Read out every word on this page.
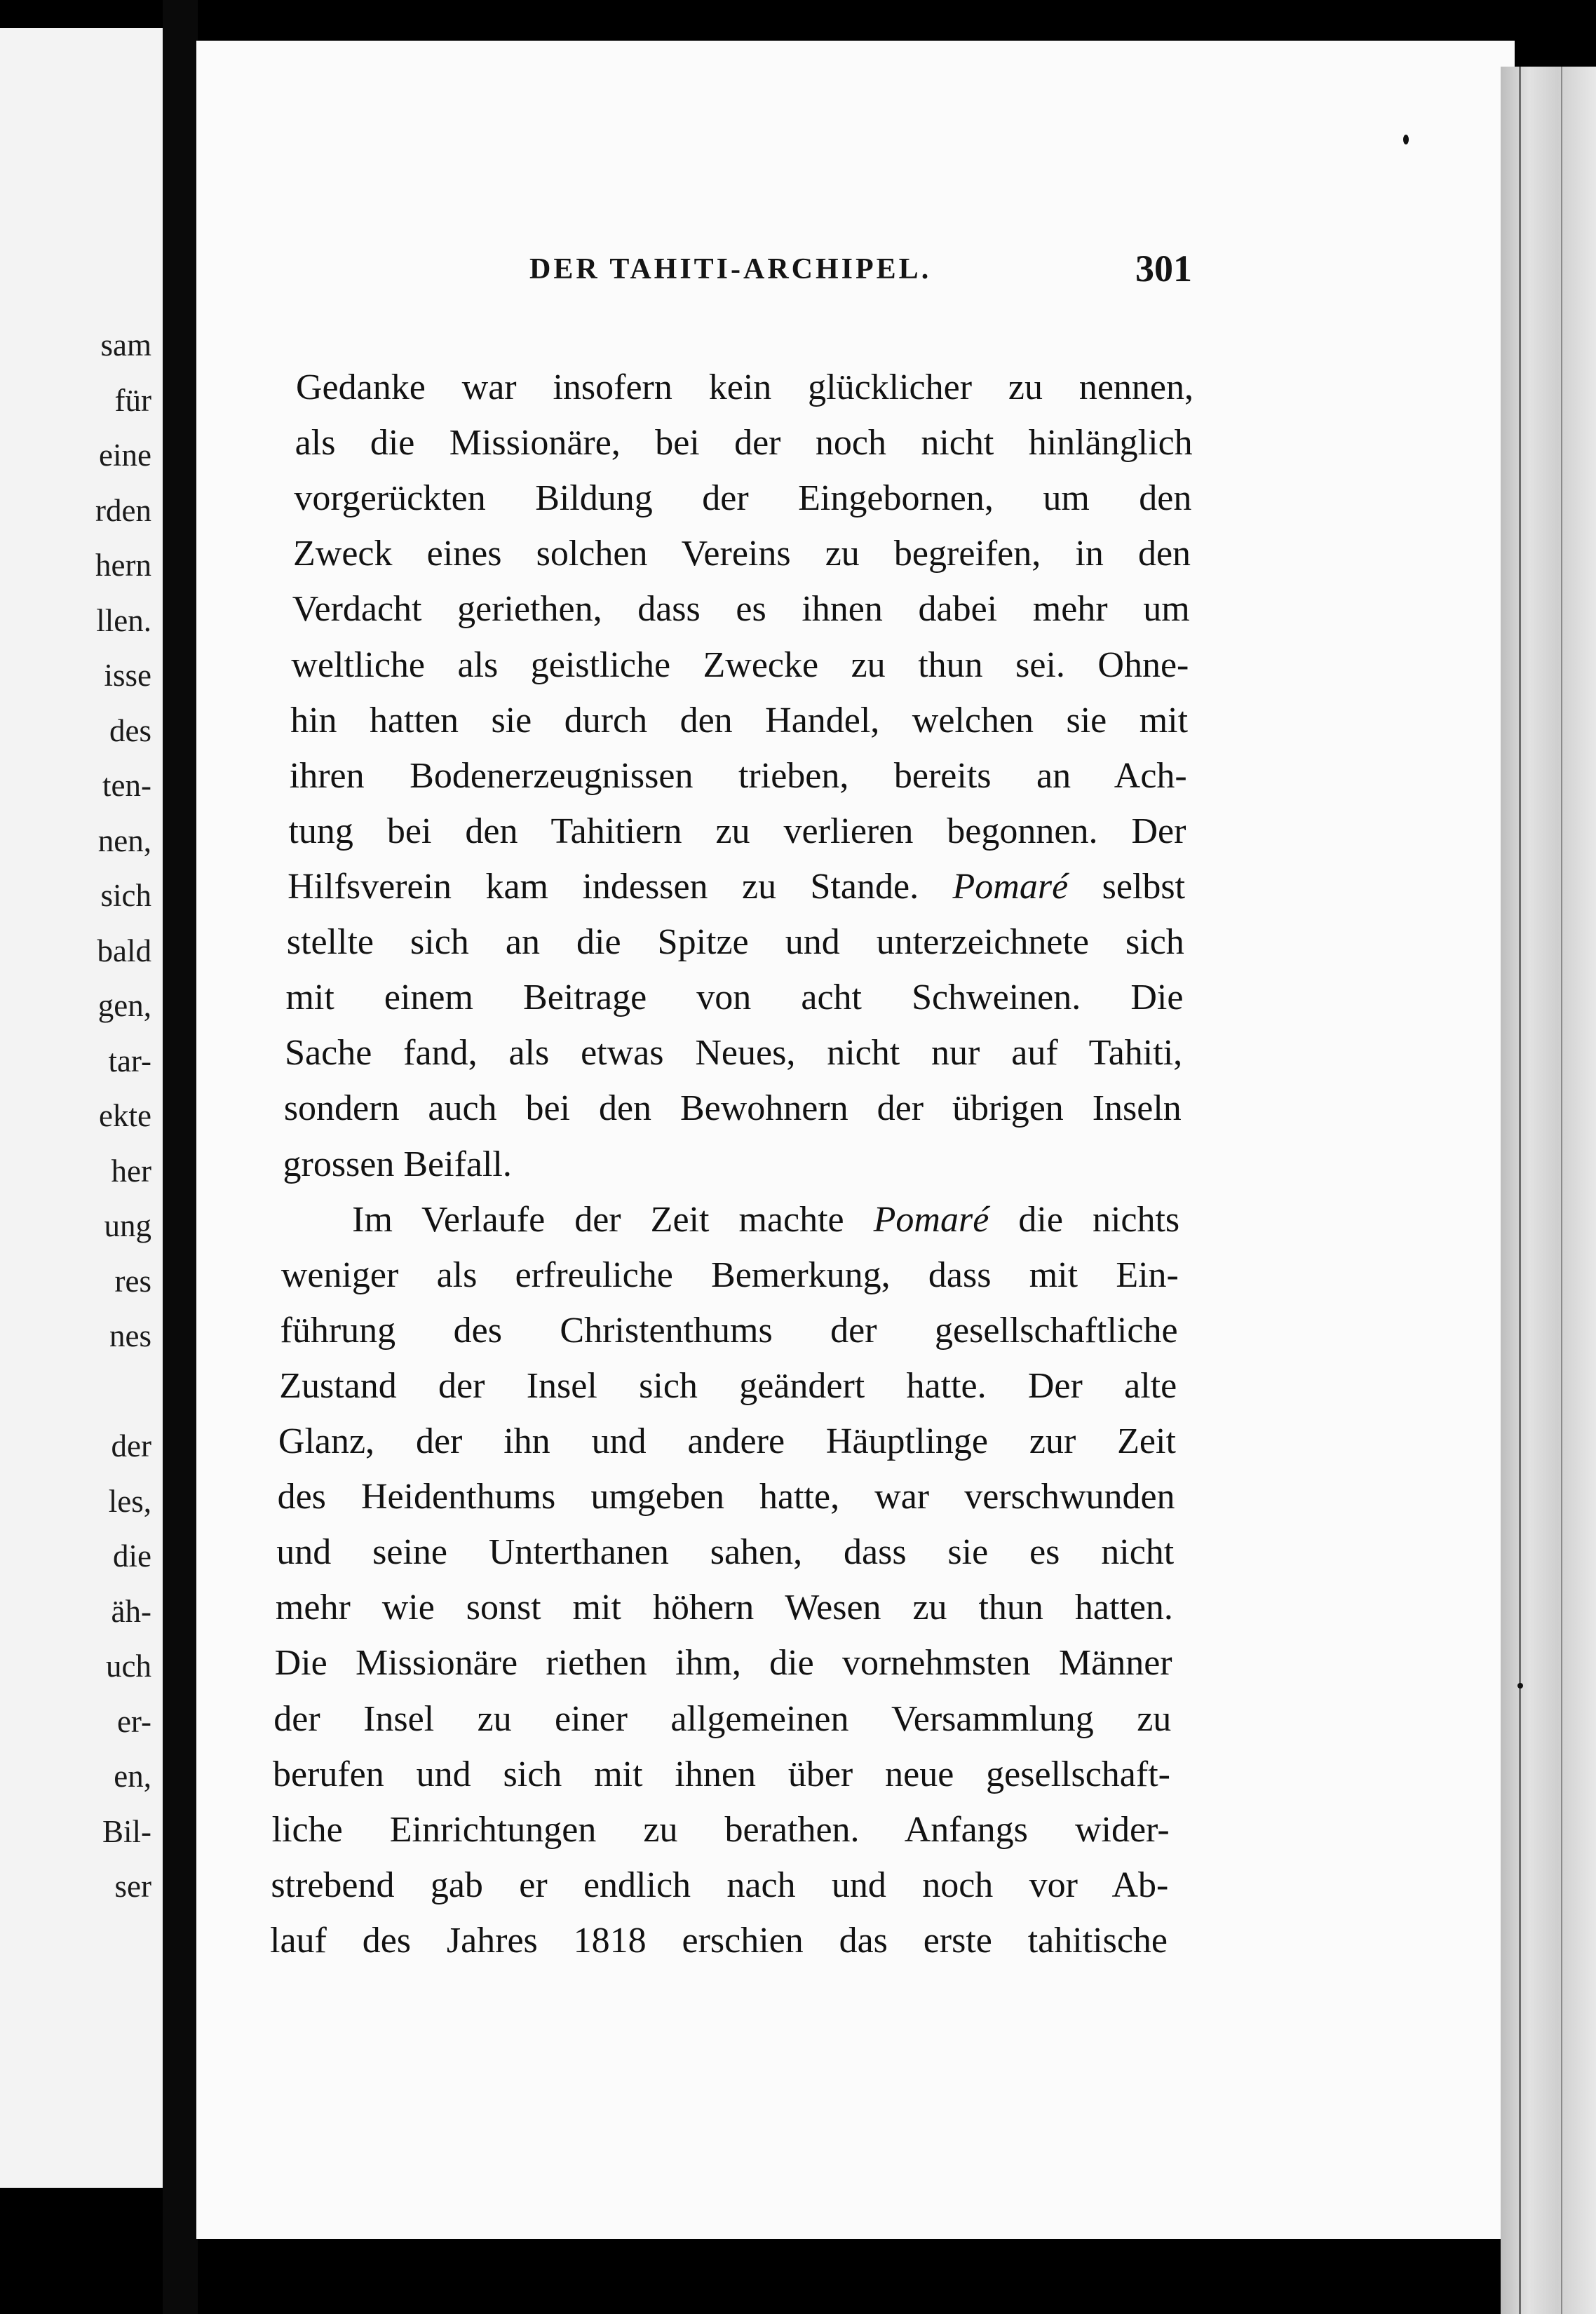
sam
für
eine
rden
hern
llen.
isse
des
ten-
nen,
sich
bald
gen,
tar-
ekte
her
ung
res
nes
der
les,
die
äh-
uch
er-
en,
Bil-
ser
DER TAHITI-ARCHIPEL.	301
Gedanke war insofern kein glücklicher zu nennen,
als die Missionäre, bei der noch nicht hinlänglich
vorgerückten Bildung der Eingebornen, um den
Zweck eines solchen Vereins zu begreifen, in den
Verdacht geriethen, dass es ihnen dabei mehr um
weltliche als geistliche Zwecke zu thun sei. Ohne-
hin hatten sie durch den Handel, welchen sie mit
ihren Bodenerzeugnissen trieben, bereits an Ach-
tung bei den Tahitiern zu verlieren begonnen. Der
Hilfsverein kam indessen zu Stande. Pomaré selbst
stellte sich an die Spitze und unterzeichnete sich
mit einem Beitrage von acht Schweinen. Die
Sache fand, als etwas Neues, nicht nur auf Tahiti,
sondern auch bei den Bewohnern der übrigen Inseln
grossen Beifall.
Im Verlaufe der Zeit machte Pomaré die nichts
weniger als erfreuliche Bemerkung, dass mit Ein-
führung des Christenthums der gesellschaftliche
Zustand der Insel sich geändert hatte. Der alte
Glanz, der ihn und andere Häuptlinge zur Zeit
des Heidenthums umgeben hatte, war verschwunden
und seine Unterthanen sahen, dass sie es nicht
mehr wie sonst mit höhern Wesen zu thun hatten.
Die Missionäre riethen ihm, die vornehmsten Männer
der Insel zu einer allgemeinen Versammlung zu
berufen und sich mit ihnen über neue gesellschaft-
liche Einrichtungen zu berathen. Anfangs wider-
strebend gab er endlich nach und noch vor Ab-
lauf des Jahres 1818 erschien das erste tahitische
